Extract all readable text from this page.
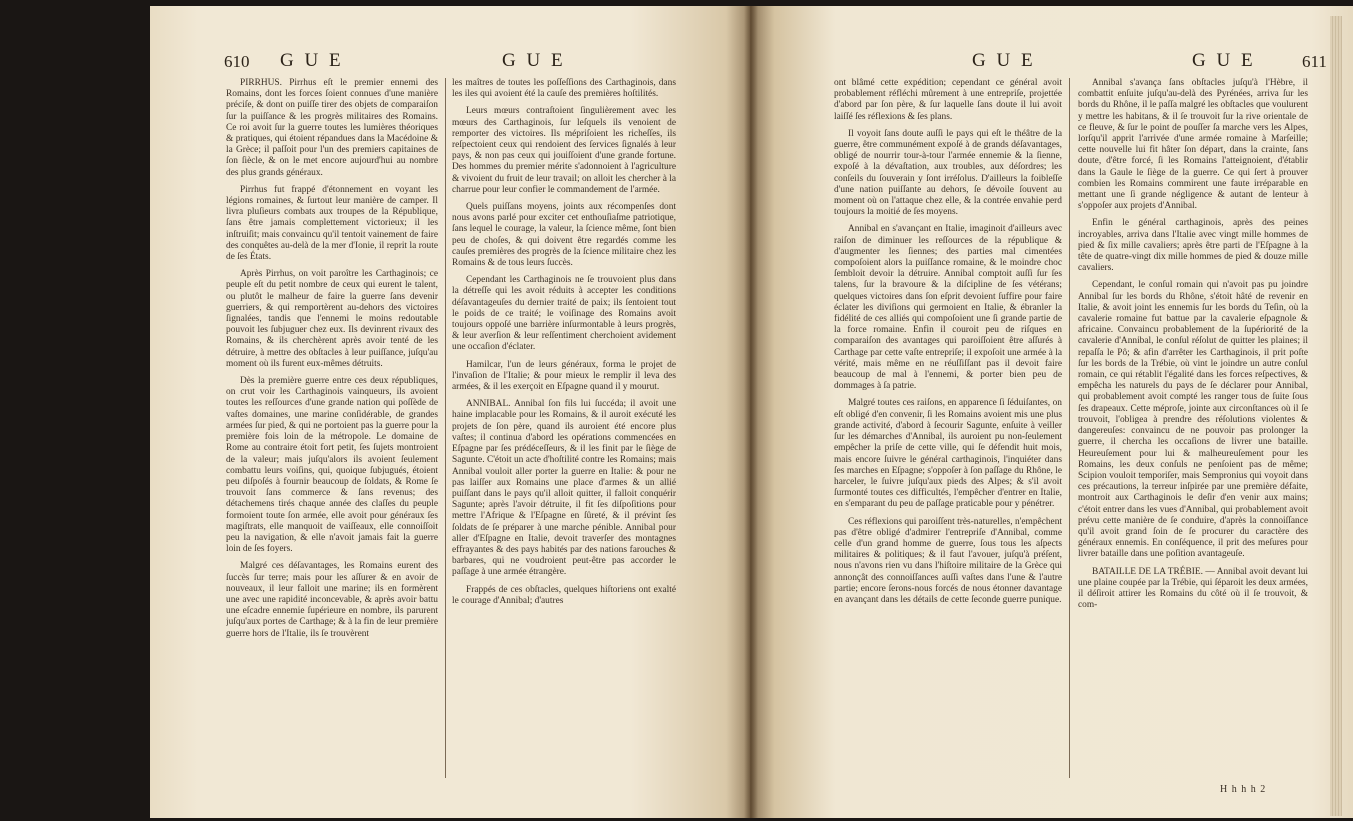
610 G U E	G U E

PIRRHUS. Pirrhus eſt le premier ennemi des Romains, dont les forces ſoient connues d'une manière préciſe, & dont on puiſſe tirer des objets de comparaiſon ſur la puiſſance & les progrès militaires des Romains. Ce roi avoit ſur la guerre toutes les lumières théoriques & pratiques, qui étoient répandues dans la Macédoine & la Grèce; il paſſoit pour l'un des premiers capitaines de ſon ſiècle, & on le met encore aujourd'hui au nombre des plus grands généraux.

Pirrhus fut frappé d'étonnement en voyant les légions romaines, & ſurtout leur manière de camper. Il livra pluſieurs combats aux troupes de la République, ſans être jamais complettement victorieux; il les inſtruiſit; mais convaincu qu'il tentoit vainement de faire des conquêtes au-delà de la mer d'Ionie, il reprit la route de ſes États.

Après Pirrhus, on voit paroître les Carthaginois; ce peuple eſt du petit nombre de ceux qui eurent le talent, ou plutôt le malheur de faire la guerre ſans devenir guerriers, & qui remportèrent au-dehors des victoires ſignalées, tandis que l'ennemi le moins redoutable pouvoit les ſubjuguer chez eux. Ils devinrent rivaux des Romains, & ils cherchèrent après avoir tenté de les détruire, à mettre des obſtacles à leur puiſſance, juſqu'au moment où ils furent eux-mêmes détruits.

Dès la première guerre entre ces deux républiques, on crut voir les Carthaginois vainqueurs, ils avoient toutes les reſſources d'une grande nation qui poſſède de vaſtes domaines, une marine conſidérable, de grandes armées ſur pied, & qui ne portoient pas la guerre pour la première fois loin de la métropole. Le domaine de Rome au contraire étoit fort petit, ſes ſujets montroient de la valeur; mais juſqu'alors ils avoient ſeulement combattu leurs voiſins, qui, quoique ſubjugués, étoient peu diſpoſés à fournir beaucoup de ſoldats, & Rome ſe trouvoit ſans commerce & ſans revenus; des détachemens tirés chaque année des claſſes du peuple formoient toute ſon armée, elle avoit pour généraux ſes magiſtrats, elle manquoit de vaiſſeaux, elle connoiſſoit peu la navigation, & elle n'avoit jamais fait la guerre loin de ſes foyers.

Malgré ces déſavantages, les Romains eurent des ſuccès ſur terre; mais pour les aſſurer & en avoir de nouveaux, il leur falloit une marine; ils en formèrent une avec une rapidité inconcevable, & après avoir battu une eſcadre ennemie ſupérieure en nombre, ils parurent juſqu'aux portes de Carthage; & à la fin de leur première guerre hors de l'Italie, ils ſe trouvèrent

les maîtres de toutes les poſſeſſions des Carthaginois, dans les iles qui avoient été la cauſe des premières hoſtilités.

Leurs mœurs contraſtoient ſingulièrement avec les mœurs des Carthaginois, ſur leſquels ils venoient de remporter des victoires. Ils mépriſoient les richeſſes, ils reſpectoient ceux qui rendoient des ſervices ſignalés à leur pays, & non pas ceux qui jouiſſoient d'une grande fortune. Des hommes du premier mérite s'adonnoient à l'agriculture & vivoient du fruit de leur travail; on alloit les chercher à la charrue pour leur confier le commandement de l'armée.

Quels puiſſans moyens, joints aux récompenſes dont nous avons parlé pour exciter cet enthouſiaſme patriotique, ſans lequel le courage, la valeur, la ſcience même, ſont bien peu de choſes, & qui doivent être regardés comme les cauſes premières des progrès de la ſcience militaire chez les Romains & de tous leurs ſuccès.

Cependant les Carthaginois ne ſe trouvoient plus dans la détreſſe qui les avoit réduits à accepter les conditions déſavantageuſes du dernier traité de paix; ils ſentoient tout le poids de ce traité; le voiſinage des Romains avoit toujours oppoſé une barrière inſurmontable à leurs progrès, & leur averſion & leur reſſentiment cherchoient avidement une occaſion d'éclater.

Hamilcar, l'un de leurs généraux, forma le projet de l'invaſion de l'Italie; & pour mieux le remplir il leva des armées, & il les exerçoit en Eſpagne quand il y mourut.

ANNIBAL. Annibal ſon fils lui ſuccéda; il avoit une haine implacable pour les Romains, & il auroit exécuté les projets de ſon père, quand ils auroient été encore plus vaſtes; il continua d'abord les opérations commencées en Eſpagne par ſes prédéceſſeurs, & il les finit par le ſiège de Sagunte. C'étoit un acte d'hoſtilité contre les Romains; mais Annibal vouloit aller porter la guerre en Italie: & pour ne pas laiſſer aux Romains une place d'armes & un allié puiſſant dans le pays qu'il alloit quitter, il falloit conquérir Sagunte; après l'avoir détruite, il fit ſes diſpoſitions pour mettre l'Afrique & l'Eſpagne en ſûreté, & il prévint ſes ſoldats de ſe préparer à une marche pénible. Annibal pour aller d'Eſpagne en Italie, devoit traverſer des montagnes effrayantes & des pays habités par des nations farouches & barbares, qui ne voudroient peut-être pas accorder le paſſage à une armée étrangère.

Frappés de ces obſtacles, quelques hiſtoriens ont exalté le courage d'Annibal; d'autres

G U E	G U E	611

ont blâmé cette expédition; cependant ce général avoit probablement réfléchi mûrement à une entrepriſe, projettée d'abord par ſon père, & ſur laquelle ſans doute il lui avoit laiſſé ſes réflexions & ſes plans.

Il voyoit ſans doute auſſi le pays qui eſt le théâtre de la guerre, être communément expoſé à de grands déſavantages, obligé de nourrir tour-à-tour l'armée ennemie & la ſienne, expoſé à la dévaſtation, aux troubles, aux déſordres; les conſeils du ſouverain y ſont irréſolus. D'ailleurs la foibleſſe d'une nation puiſſante au dehors, ſe dévoile ſouvent au moment où on l'attaque chez elle, & la contrée envahie perd toujours la moitié de ſes moyens.

Annibal en s'avançant en Italie, imaginoit d'ailleurs avec raiſon de diminuer les reſſources de la république & d'augmenter les ſiennes; des parties mal cimentées compoſoient alors la puiſſance romaine, & le moindre choc ſembloit devoir la détruire. Annibal comptoit auſſi ſur ſes talens, ſur la bravoure & la diſcipline de ſes vétérans; quelques victoires dans ſon eſprit devoient ſuffire pour faire éclater les diviſions qui germoient en Italie, & ébranler la fidélité de ces alliés qui compoſoient une ſi grande partie de la force romaine. Enfin il couroit peu de riſques en comparaiſon des avantages qui paroiſſoient être aſſurés à Carthage par cette vaſte entrepriſe; il expoſoit une armée à la vérité, mais même en ne réuſſiſſant pas il devoit faire beaucoup de mal à l'ennemi, & porter bien peu de dommages à ſa patrie.

Malgré toutes ces raiſons, en apparence ſi ſéduiſantes, on eſt obligé d'en convenir, ſi les Romains avoient mis une plus grande activité, d'abord à ſecourir Sagunte, enſuite à veiller ſur les démarches d'Annibal, ils auroient pu non-ſeulement empêcher la priſe de cette ville, qui ſe défendit huit mois, mais encore ſuivre le général carthaginois, l'inquiéter dans ſes marches en Eſpagne; s'oppoſer à ſon paſſage du Rhône, le harceler, le ſuivre juſqu'aux pieds des Alpes; & s'il avoit ſurmonté toutes ces difficultés, l'empêcher d'entrer en Italie, en s'emparant du peu de paſſage praticable pour y pénétrer.

Ces réflexions qui paroiſſent très-naturelles, n'empêchent pas d'être obligé d'admirer l'entrepriſe d'Annibal, comme celle d'un grand homme de guerre, ſous tous les aſpects militaires & politiques; & il faut l'avouer, juſqu'à préſent, nous n'avons rien vu dans l'hiſtoire militaire de la Grèce qui annonçât des connoiſſances auſſi vaſtes dans l'une & l'autre partie; encore ſerons-nous forcés de nous étonner davantage en avançant dans les détails de cette ſeconde guerre punique.

Annibal s'avança ſans obſtacles juſqu'à l'Hèbre, il combattit enſuite juſqu'au-delà des Pyrénées, arriva ſur les bords du Rhône, il le paſſa malgré les obſtacles que voulurent y mettre les habitans, & il ſe trouvoit ſur la rive orientale de ce fleuve, & ſur le point de pouſſer ſa marche vers les Alpes, lorſqu'il apprit l'arrivée d'une armée romaine à Marſeille; cette nouvelle lui fit hâter ſon départ, dans la crainte, ſans doute, d'être forcé, ſi les Romains l'atteignoient, d'établir dans la Gaule le ſiège de la guerre. Ce qui ſert à prouver combien les Romains commirent une faute irréparable en mettant une ſi grande négligence & autant de lenteur à s'oppoſer aux projets d'Annibal.

Enfin le général carthaginois, après des peines incroyables, arriva dans l'Italie avec vingt mille hommes de pied & ſix mille cavaliers; après être parti de l'Eſpagne à la tête de quatre-vingt dix mille hommes de pied & douze mille cavaliers.

Cependant, le conſul romain qui n'avoit pas pu joindre Annibal ſur les bords du Rhône, s'étoit hâté de revenir en Italie, & avoit joint les ennemis ſur les bords du Teſin, où la cavalerie romaine fut battue par la cavalerie eſpagnole & africaine. Convaincu probablement de la ſupériorité de la cavalerie d'Annibal, le conſul réſolut de quitter les plaines; il repaſſa le Pô; & afin d'arrêter les Carthaginois, il prit poſte ſur les bords de la Trébie, où vint le joindre un autre conſul romain, ce qui rétablit l'égalité dans les forces reſpectives, & empêcha les naturels du pays de ſe déclarer pour Annibal, qui probablement avoit compté les ranger tous de ſuite ſous ſes drapeaux. Cette méproſe, jointe aux circonſtances où il ſe trouvoit, l'obligea à prendre des réſolutions violentes & dangereuſes: convaincu de ne pouvoir pas prolonger la guerre, il chercha les occaſions de livrer une bataille. Heureuſement pour lui & malheureuſement pour les Romains, les deux conſuls ne penſoient pas de même; Scipion vouloit temporiſer, mais Sempronius qui voyoit dans ces précautions, la terreur inſpirée par une première défaite, montroit aux Carthaginois le deſir d'en venir aux mains; c'étoit entrer dans les vues d'Annibal, qui probablement avoit prévu cette manière de ſe conduire, d'après la connoiſſance qu'il avoit grand ſoin de ſe procurer du caractère des généraux ennemis. En conſéquence, il prit des meſures pour livrer bataille dans une poſition avantageuſe.

BATAILLE DE LA TRÉBIE. — Annibal avoit devant lui une plaine coupée par la Trébie, qui ſéparoit les deux armées, il déſiroit attirer les Romains du côté où il ſe trouvoit, & com-

H h h h 2
